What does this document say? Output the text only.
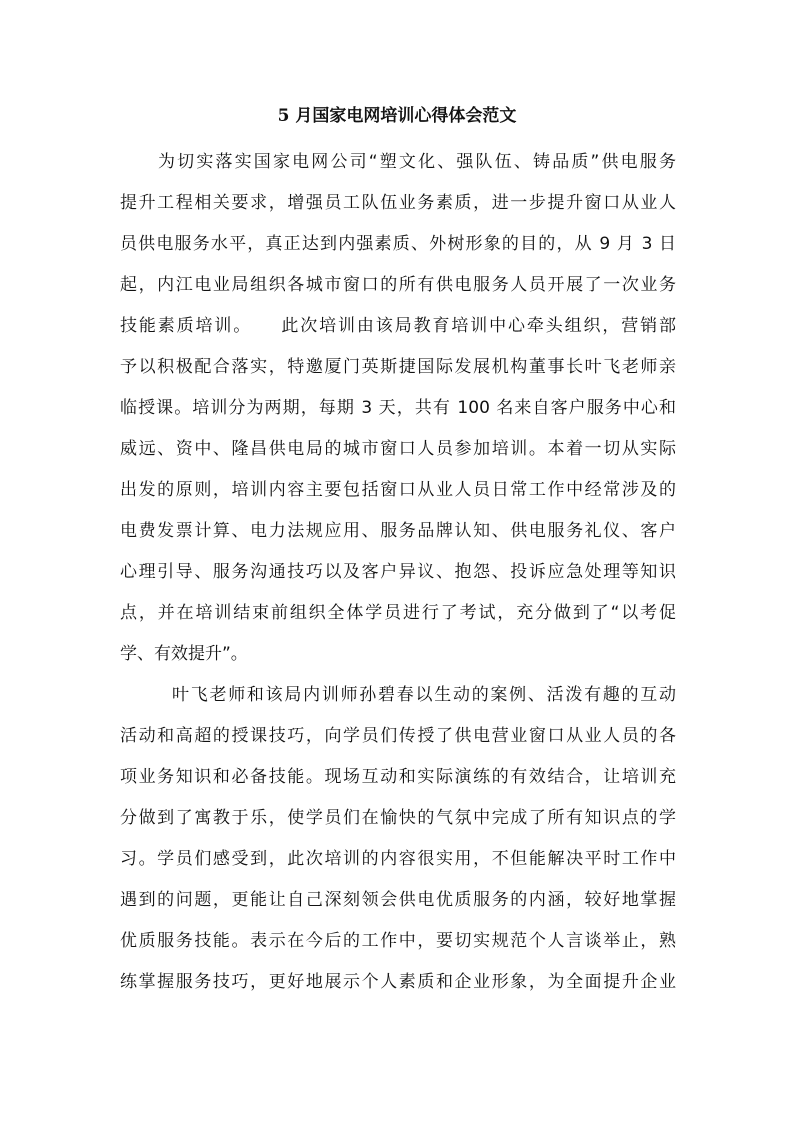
5 月国家电网培训心得体会范文
为切实落实国家电网公司“塑文化、强队伍、铸品质”供电服务
提升工程相关要求，增强员工队伍业务素质，进一步提升窗口从业人
员供电服务水平，真正达到内强素质、外树形象的目的，从 9 月 3 日
起，内江电业局组织各城市窗口的所有供电服务人员开展了一次业务
技能素质培训。　　此次培训由该局教育培训中心牵头组织，营销部
予以积极配合落实，特邀厦门英斯捷国际发展机构董事长叶飞老师亲
临授课。培训分为两期，每期 3 天，共有 100 名来自客户服务中心和
威远、资中、隆昌供电局的城市窗口人员参加培训。本着一切从实际
出发的原则，培训内容主要包括窗口从业人员日常工作中经常涉及的
电费发票计算、电力法规应用、服务品牌认知、供电服务礼仪、客户
心理引导、服务沟通技巧以及客户异议、抱怨、投诉应急处理等知识
点，并在培训结束前组织全体学员进行了考试，充分做到了“以考促
学、有效提升”。
叶飞老师和该局内训师孙碧春以生动的案例、活泼有趣的互动
活动和高超的授课技巧，向学员们传授了供电营业窗口从业人员的各
项业务知识和必备技能。现场互动和实际演练的有效结合，让培训充
分做到了寓教于乐，使学员们在愉快的气氛中完成了所有知识点的学
习。学员们感受到，此次培训的内容很实用，不但能解决平时工作中
遇到的问题，更能让自己深刻领会供电优质服务的内涵，较好地掌握
优质服务技能。表示在今后的工作中，要切实规范个人言谈举止，熟
练掌握服务技巧，更好地展示个人素质和企业形象，为全面提升企业
